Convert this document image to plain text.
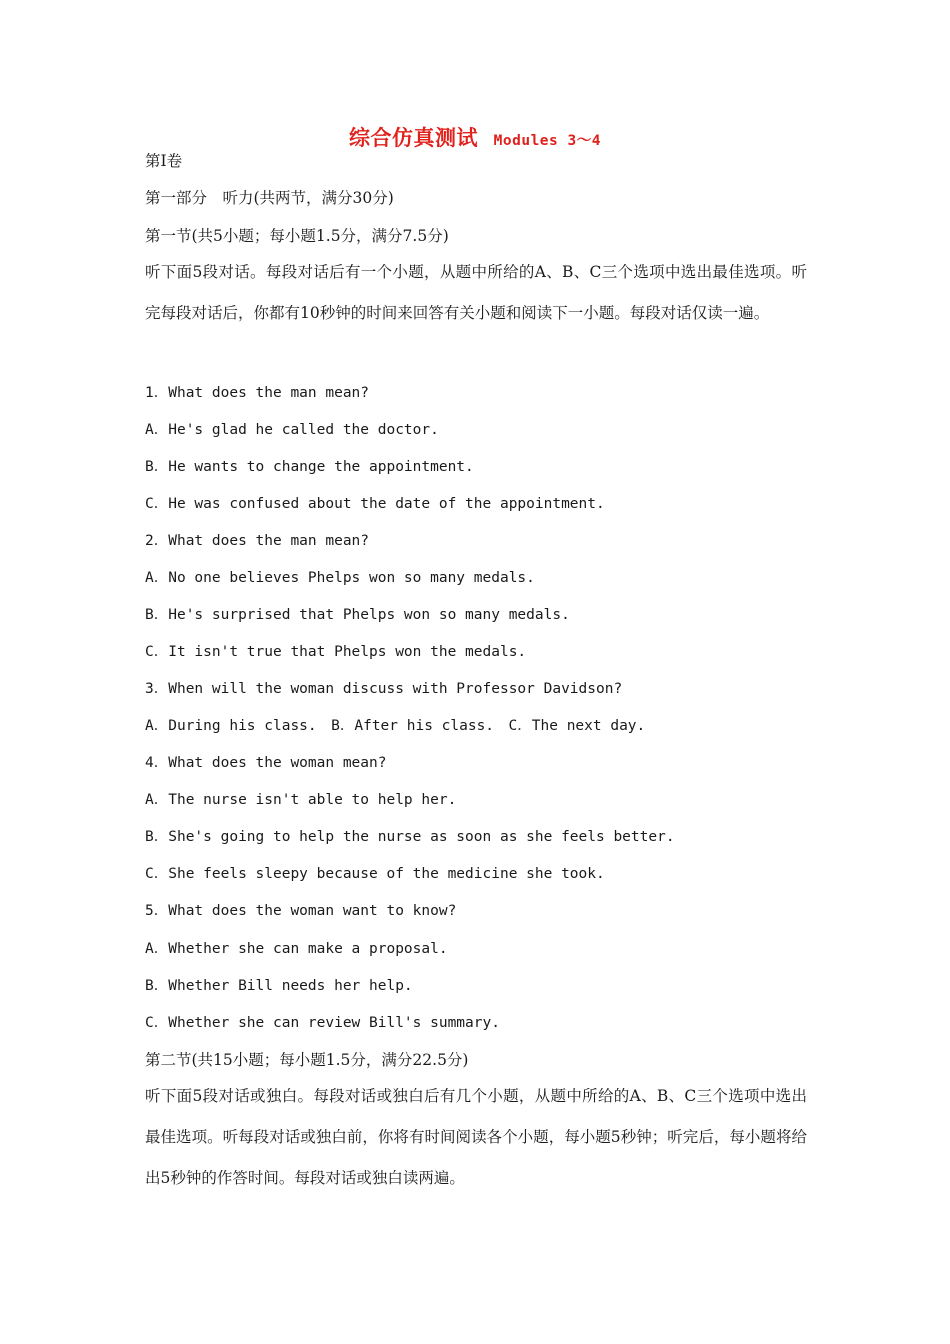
综合仿真测试 Modules 3～4
第Ⅰ卷
第一部分　听力(共两节，满分30分)
第一节(共5小题；每小题1.5分，满分7.5分)
听下面5段对话。每段对话后有一个小题，从题中所给的A、B、C三个选项中选出最佳选项。听完每段对话后，你都有10秒钟的时间来回答有关小题和阅读下一小题。每段对话仅读一遍。
1．What does the man mean?
A．He's glad he called the doctor.
B．He wants to change the appointment.
C．He was confused about the date of the appointment.
2．What does the man mean?
A．No one believes Phelps won so many medals.
B．He's surprised that Phelps won so many medals.
C．It isn't true that Phelps won the medals.
3．When will the woman discuss with Professor Davidson?
A．During his class.　B．After his class.　C．The next day.
4．What does the woman mean?
A．The nurse isn't able to help her.
B．She's going to help the nurse as soon as she feels better.
C．She feels sleepy because of the medicine she took.
5．What does the woman want to know?
A．Whether she can make a proposal.
B．Whether Bill needs her help.
C．Whether she can review Bill's summary.
第二节(共15小题；每小题1.5分，满分22.5分)
听下面5段对话或独白。每段对话或独白后有几个小题，从题中所给的A、B、C三个选项中选出最佳选项。听每段对话或独白前，你将有时间阅读各个小题，每小题5秒钟；听完后，每小题将给出5秒钟的作答时间。每段对话或独白读两遍。
